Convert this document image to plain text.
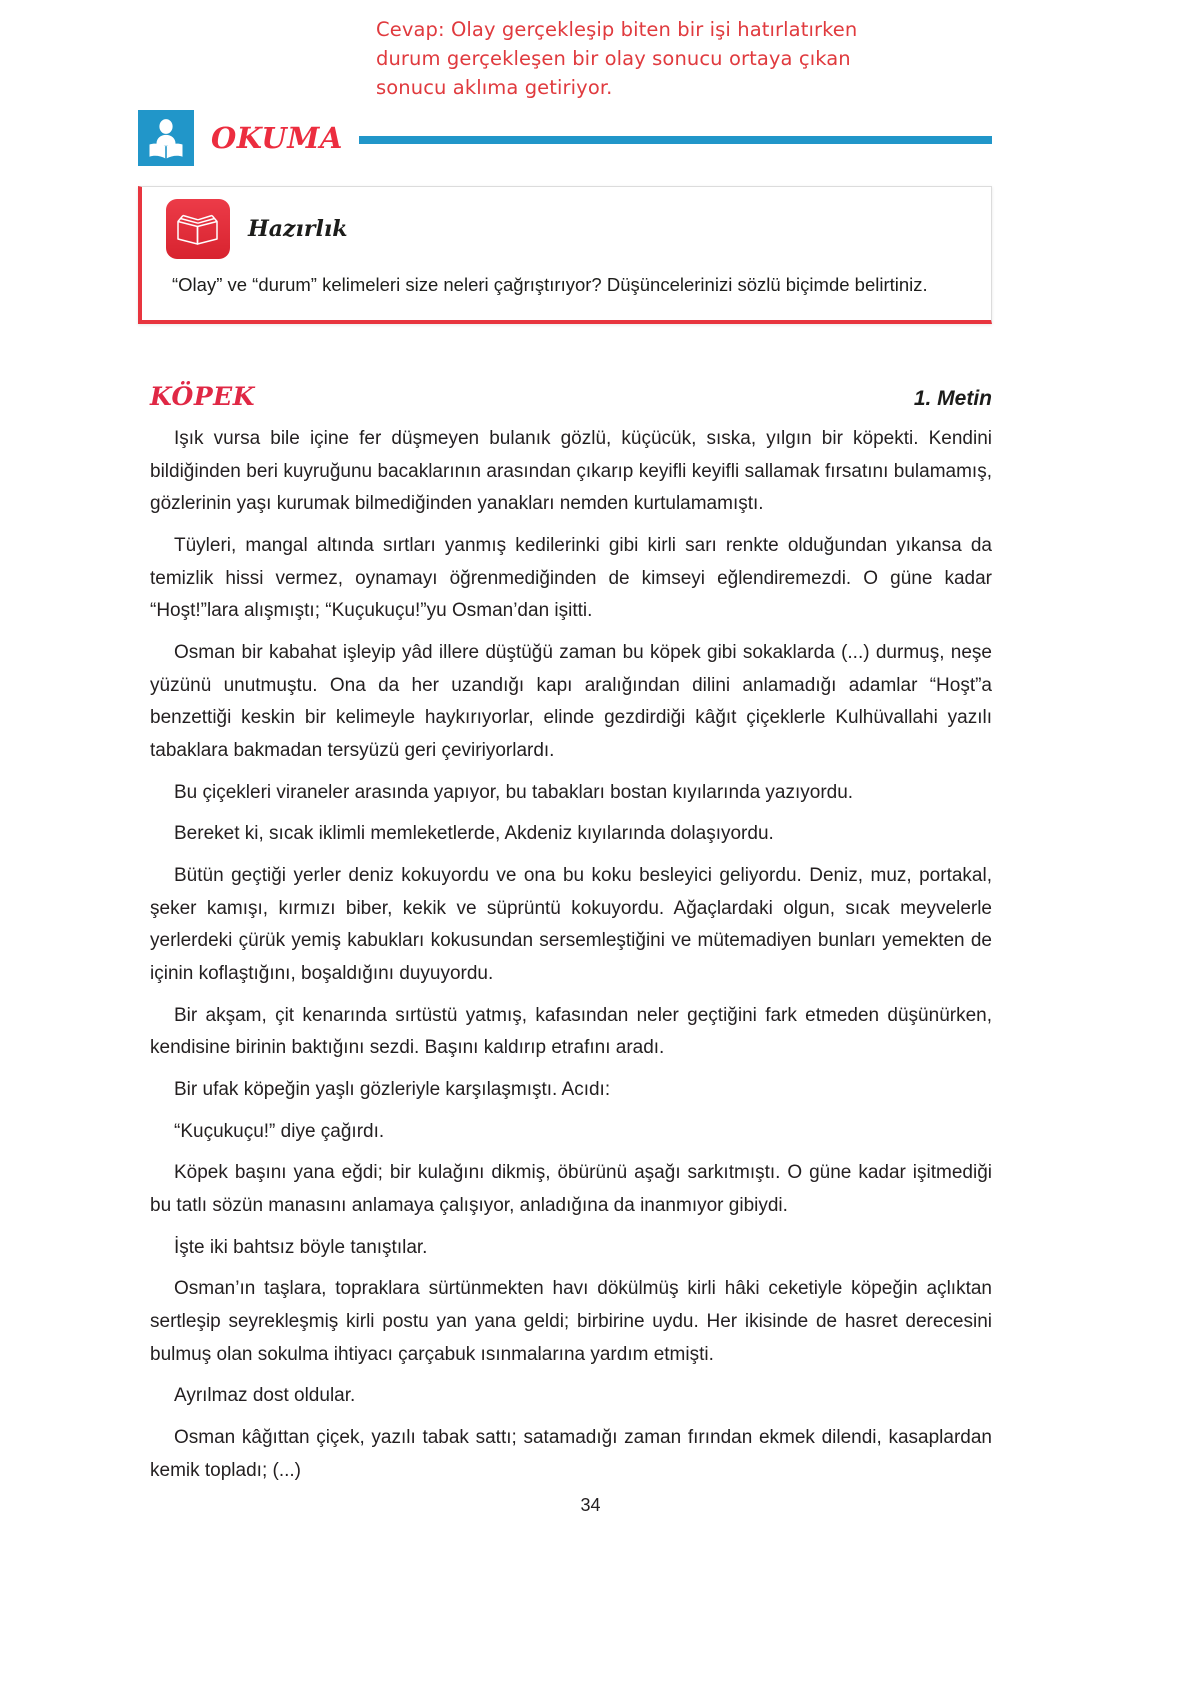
Cevap: Olay gerçekleşip biten bir işi hatırlatırken durum gerçekleşen bir olay sonucu ortaya çıkan sonucu aklıma getiriyor.
OKUMA
Hazırlık
“Olay” ve “durum” kelimeleri size neleri çağrıştırıyor? Düşüncelerinizi sözlü biçimde belirtiniz.
KÖPEK	1. Metin

Işık vursa bile içine fer düşmeyen bulanık gözlü, küçücük, sıska, yılgın bir köpekti. Kendini bildiğinden beri kuyruğunu bacaklarının arasından çıkarıp keyifli keyifli sallamak fırsatını bulamamış, gözlerinin yaşı kurumak bilmediğinden yanakları nemden kurtulamamıştı.

Tüyleri, mangal altında sırtları yanmış kedilerinki gibi kirli sarı renkte olduğundan yıkansa da temizlik hissi vermez, oynamayı öğrenmediğinden de kimseyi eğlendiremezdi. O güne kadar “Hoşt!”lara alışmıştı; “Kuçukuçu!”yu Osman’dan işitti.

Osman bir kabahat işleyip yâd illere düştüğü zaman bu köpek gibi sokaklarda (...) durmuş, neşe yüzünü unutmuştu. Ona da her uzandığı kapı aralığından dilini anlamadığı adamlar “Hoşt”a benzettiği keskin bir kelimeyle haykırıyorlar, elinde gezdirdiği kâğıt çiçeklerle Kulhüvallahi yazılı tabaklara bakmadan tersyüzü geri çeviriyorlardı.

Bu çiçekleri viraneler arasında yapıyor, bu tabakları bostan kıyılarında yazıyordu.

Bereket ki, sıcak iklimli memleketlerde, Akdeniz kıyılarında dolaşıyordu.

Bütün geçtiği yerler deniz kokuyordu ve ona bu koku besleyici geliyordu. Deniz, muz, portakal, şeker kamışı, kırmızı biber, kekik ve süprüntü kokuyordu. Ağaçlardaki olgun, sıcak meyvelerle yerlerdeki çürük yemiş kabukları kokusundan sersemleştiğini ve mütemadiyen bunları yemekten de içinin koflaştığını, boşaldığını duyuyordu.

Bir akşam, çit kenarında sırtüstü yatmış, kafasından neler geçtiğini fark etmeden düşünürken, kendisine birinin baktığını sezdi. Başını kaldırıp etrafını aradı.

Bir ufak köpeğin yaşlı gözleriyle karşılaşmıştı. Acıdı:

“Kuçukuçu!” diye çağırdı.

Köpek başını yana eğdi; bir kulağını dikmiş, öbürünü aşağı sarkıtmıştı. O güne kadar işitmediği bu tatlı sözün manasını anlamaya çalışıyor, anladığına da inanmıyor gibiydi.

İşte iki bahtsız böyle tanıştılar.

Osman’ın taşlara, topraklara sürtünmekten havı dökülmüş kirli hâki ceketiyle köpeğin açlıktan sertleşip seyrekleşmiş kirli postu yan yana geldi; birbirine uydu. Her ikisinde de hasret derecesini bulmuş olan sokulma ihtiyacı çarçabuk ısınmalarına yardım etmişti.

Ayrılmaz dost oldular.

Osman kâğıttan çiçek, yazılı tabak sattı; satamadığı zaman fırından ekmek dilendi, kasaplardan kemik topladı; (...)

34
